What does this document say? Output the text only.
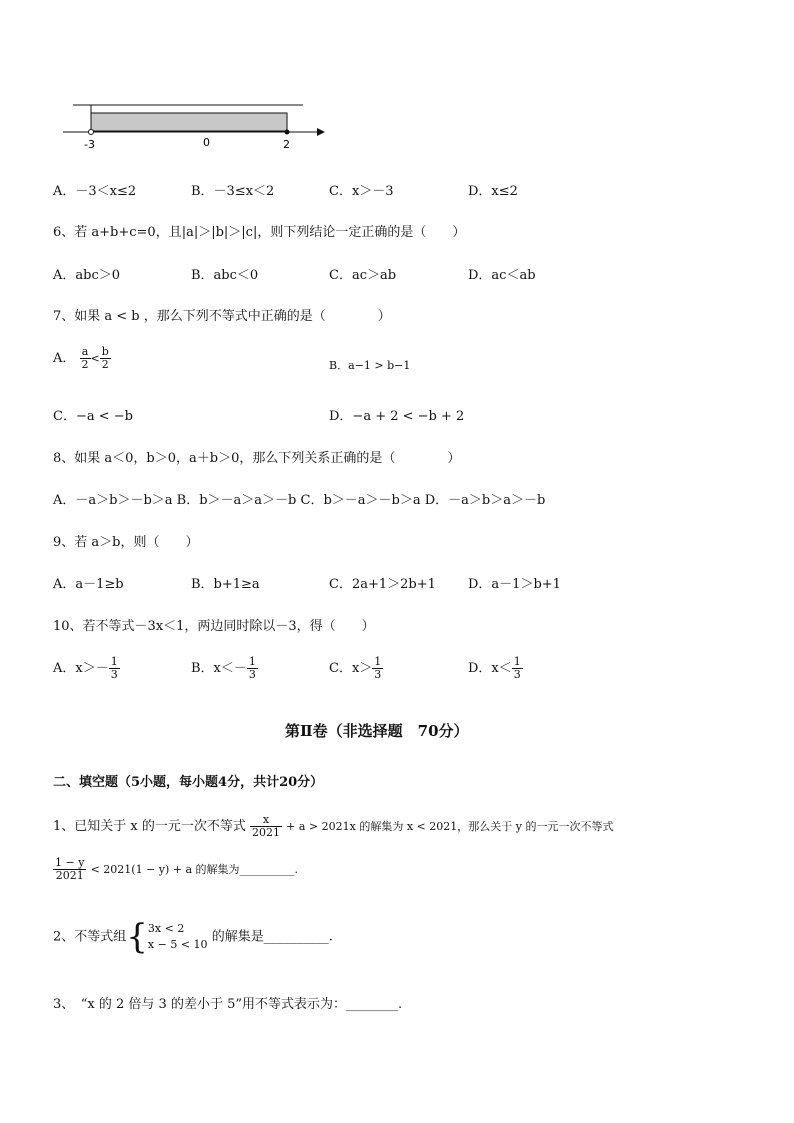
-3	0	2
A．－3＜x≤2	B．－3≤x＜2	C．x＞－3	D．x≤2
6、若 a+b+c=0，且|a|＞|b|＞|c|，则下列结论一定正确的是（　　）
A．abc＞0	B．abc＜0	C．ac＞ab	D．ac＜ab
7、如果 a < b ，那么下列不等式中正确的是（　　　　）
A． $\frac{a}{2} < \frac{b}{2}$	B．a−1 > b−1
C．−a < −b	D．−a + 2 < −b + 2
8、如果 a＜0，b＞0，a＋b＞0，那么下列关系正确的是（　　　　）
A．－a＞b＞－b＞a B．b＞－a＞a＞－b C．b＞－a＞－b＞a D．－a＞b＞a＞－b
9、若 a＞b，则（　　）
A．a－1≥b	B．b+1≥a	C．2a+1＞2b+1 D．a－1＞b+1
10、若不等式－3x＜1，两边同时除以－3，得（　　）
A．$x>- \frac{1}{3}$	B．$x<- \frac{1}{3}$	C．$x> \frac{1}{3}$	D．$x< \frac{1}{3}$
第Ⅱ卷（非选择题　70分）
二、填空题（5小题，每小题4分，共计20分）
1、已知关于 x 的一元一次不等式 $\frac{x}{2021} + a > 2021x$ 的解集为 x < 2021，那么关于 y 的一元一次不等式
$\frac{1 - y}{2021} < 2021(1 - y) + a$ 的解集为__________.
2、不等式组{ 3x < 2
x − 5 < 10 的解集是__________.
3、　“x 的 2 倍与 3 的差小于 5”用不等式表示为：________.
